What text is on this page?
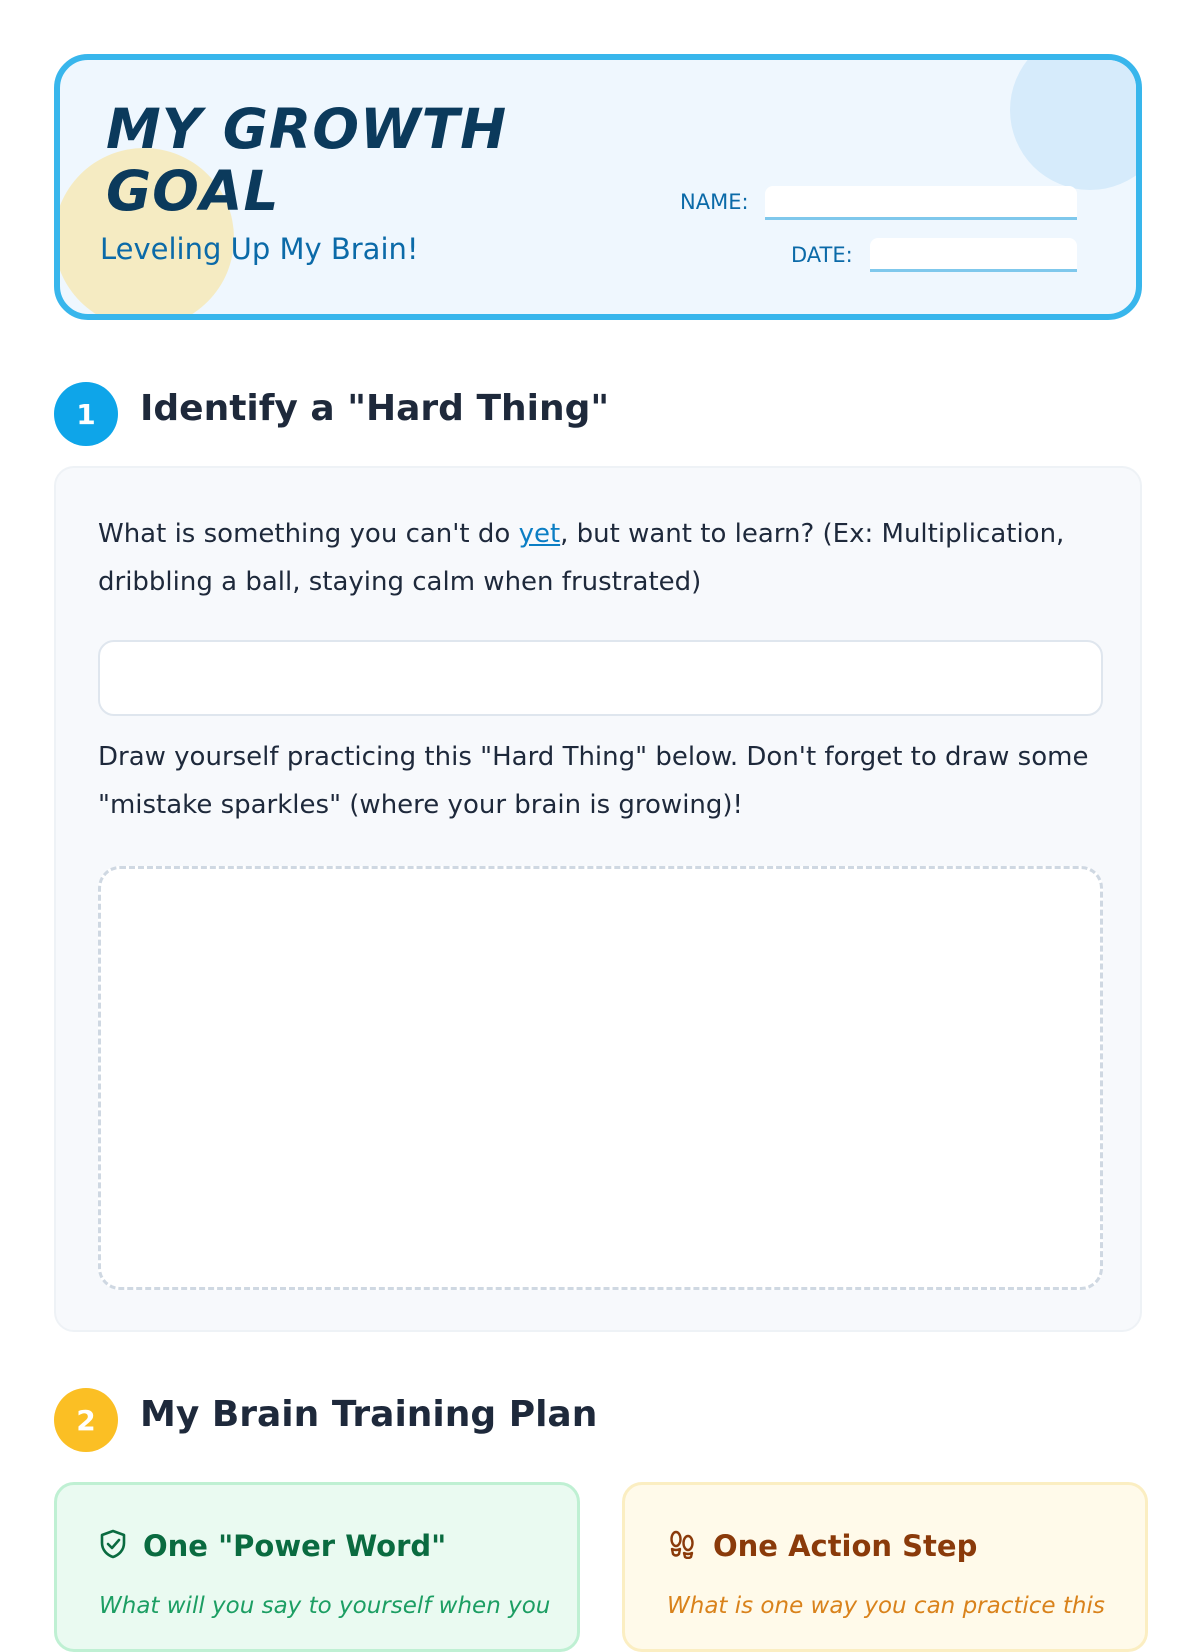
MY GROWTH
GOAL
Leveling Up My Brain!
NAME:
DATE:
1	Identify a "Hard Thing"

What is something you can't do yet, but want to learn? (Ex: Multiplication, dribbling a ball, staying calm when frustrated)

Draw yourself practicing this "Hard Thing" below. Don't forget to draw some "mistake sparkles" (where your brain is growing)!

2	My Brain Training Plan
One "Power Word"
What will you say to yourself when you
One Action Step
What is one way you can practice this
